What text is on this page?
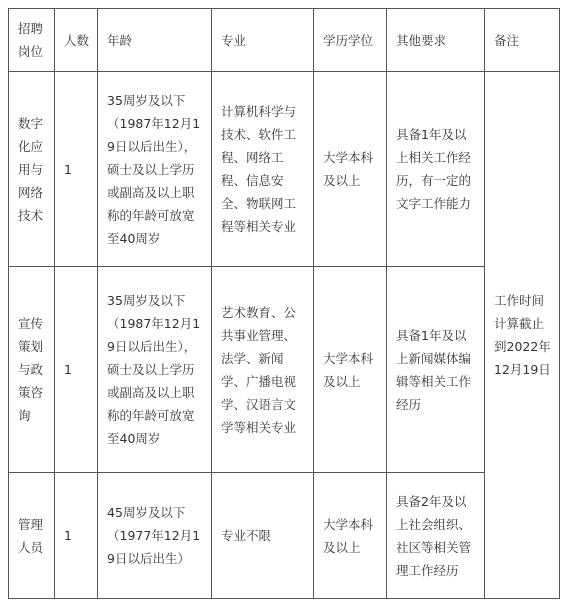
招聘岗位	人数	年龄	专业	学历学位	其他要求	备注
数字化应用与网络技术	1	35周岁及以下（1987年12月19日以后出生），硕士及以上学历或副高及以上职称的年龄可放宽至40周岁	计算机科学与技术、软件工程、网络工程、信息安全、物联网工程等相关专业	大学本科及以上	具备1年及以上相关工作经历，有一定的文字工作能力	工作时间计算截止到2022年12月19日
宣传策划与政策咨询	1	35周岁及以下（1987年12月19日以后出生），硕士及以上学历或副高及以上职称的年龄可放宽至40周岁	艺术教育、公共事业管理、法学、新闻学、广播电视学、汉语言文学等相关专业	大学本科及以上	具备1年及以上新闻媒体编辑等相关工作经历	
管理人员	1	45周岁及以下（1977年12月19日以后出生）	专业不限	大学本科及以上	具备2年及以上社会组织、社区等相关管理工作经历	
